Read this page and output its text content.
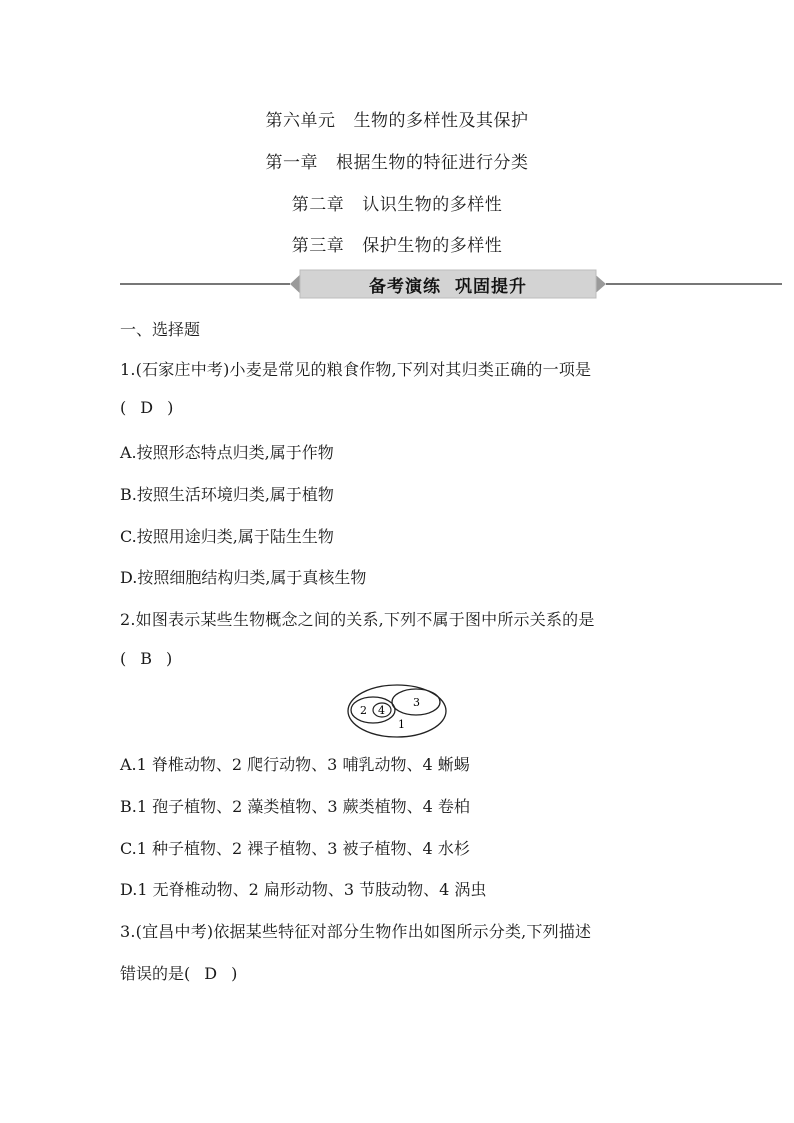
第六单元 生物的多样性及其保护
第一章 根据生物的特征进行分类
第二章 认识生物的多样性
第三章 保护生物的多样性
备考演练 巩固提升
一、选择题
1.(石家庄中考)小麦是常见的粮食作物,下列对其归类正确的一项是
( D )
A.按照形态特点归类,属于作物
B.按照生活环境归类,属于植物
C.按照用途归类,属于陆生生物
D.按照细胞结构归类,属于真核生物
2.如图表示某些生物概念之间的关系,下列不属于图中所示关系的是
( B )
2 4
3
1
A.1 脊椎动物、2 爬行动物、3 哺乳动物、4 蜥蜴
B.1 孢子植物、2 藻类植物、3 蕨类植物、4 卷柏
C.1 种子植物、2 裸子植物、3 被子植物、4 水杉
D.1 无脊椎动物、2 扁形动物、3 节肢动物、4 涡虫
3.(宜昌中考)依据某些特征对部分生物作出如图所示分类,下列描述
错误的是( D )
